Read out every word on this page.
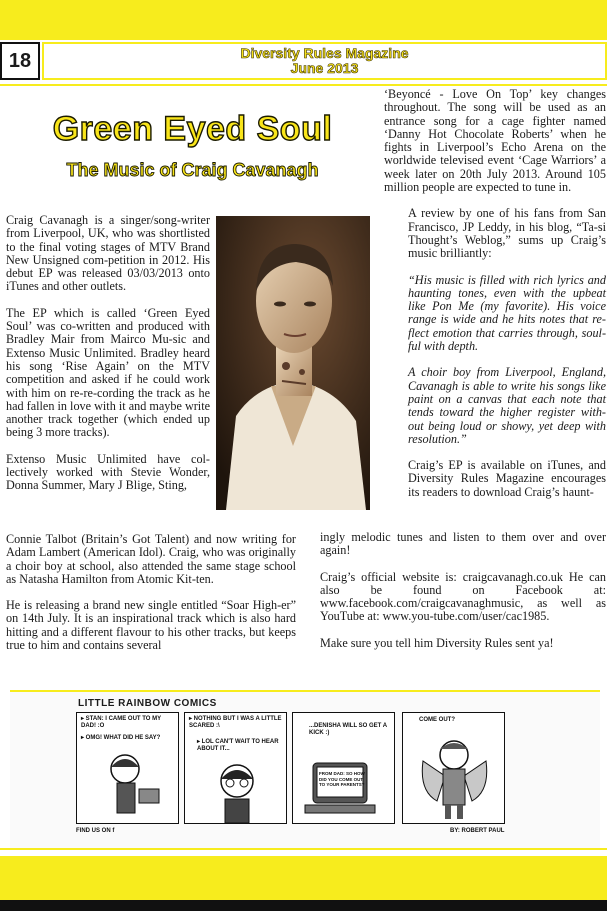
18	Diversity Rules Magazine
June 2013
Green Eyed Soul
The Music of Craig Cavanagh

Craig Cavanagh is a singer/song-writer from Liverpool, UK, who was shortlisted to the final voting stages of MTV Brand New Unsigned com-petition in 2012. His debut EP was released 03/03/2013 onto iTunes and other outlets.

The EP which is called ‘Green Eyed Soul’ was co-written and produced with Bradley Mair from Mairco Mu-sic and Extenso Music Unlimited. Bradley heard his song ‘Rise Again’ on the MTV competition and asked if he could work with him on re-re-cording the track as he had fallen in love with it and maybe write another track together (which ended up being 3 more tracks).

Extenso Music Unlimited have col-lectively worked with Stevie Wonder, Donna Summer, Mary J Blige, Sting,

Connie Talbot (Britain’s Got Talent) and now writing for Adam Lambert (American Idol). Craig, who was originally a choir boy at school, also attended the same stage school as Natasha Hamilton from Atomic Kit-ten.

He is releasing a brand new single entitled “Soar High-er” on 14th July. It is an inspirational track which is also hard hitting and a different flavour to his other tracks, but keeps true to him and contains several

‘Beyoncé - Love On Top’ key changes throughout. The song will be used as an entrance song for a cage fighter named ‘Danny Hot Chocolate Roberts’ when he fights in Liverpool’s Echo Arena on the worldwide televised event ‘Cage Warriors’ a week later on 20th July 2013. Around 105 million people are expected to tune in.

A review by one of his fans from San Francisco, JP Leddy, in his blog, “Ta-si Thought’s Weblog,” sums up Craig’s music brilliantly:

“His music is filled with rich lyrics and haunting tones, even with the upbeat like Pon Me (my favorite). His voice range is wide and he hits notes that re-flect emotion that carries through, soul-ful with depth.

A choir boy from Liverpool, England, Cavanagh is able to write his songs like paint on a canvas that each note that tends toward the higher register with-out being loud or showy, yet deep with resolution.”

Craig’s EP is available on iTunes, and Diversity Rules Magazine encourages its readers to download Craig’s haunt-

ingly melodic tunes and listen to them over and over again!

Craig’s official website is: craigcavanagh.co.uk He can also be found on Facebook at: www.facebook.com/craigcavanaghmusic, as well as YouTube at: www.you-tube.com/user/cac1985.

Make sure you tell him Diversity Rules sent ya!

LITTLE RAINBOW COMICS
▸ STAN: I CAME OUT TO MY DAD! :O
▸ OMG! WHAT DID HE SAY?
▸ NOTHING BUT I WAS A LITTLE SCARED :\
▸ LOL CAN'T WAIT TO HEAR ABOUT IT...
...DENISHA WILL SO GET A KICK :)
FROM DAD: SO HOW DID YOU COME OUT TO YOUR PARENTS?
COME OUT?
FIND US ON f	BY: ROBERT PAUL
